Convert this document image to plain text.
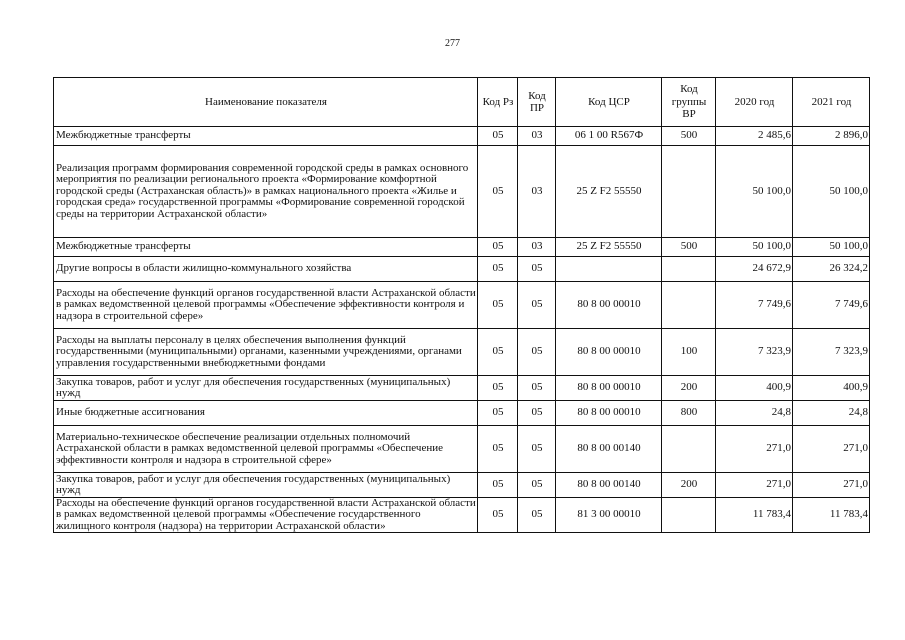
277
Наименование показателя	Код Рз	Код ПР	Код ЦСР	Код группы ВР	2020 год	2021 год
Межбюджетные трансферты	05	03	06 1 00 R567Ф	500	2 485,6	2 896,0
Реализация программ формирования современной городской среды в рамках основного мероприятия по реализации регионального проекта «Формирование комфортной городской среды (Астраханская область)» в рамках национального проекта «Жилье и городская среда» государственной программы «Формирование современной городской среды на территории Астраханской области»	05	03	25 Z F2 55550		50 100,0	50 100,0
Межбюджетные трансферты	05	03	25 Z F2 55550	500	50 100,0	50 100,0
Другие вопросы в области жилищно-коммунального хозяйства	05	05			24 672,9	26 324,2
Расходы на обеспечение функций органов государственной власти Астраханской области в рамках ведомственной целевой программы «Обеспечение эффективности контроля и надзора в строительной сфере»	05	05	80 8 00 00010		7 749,6	7 749,6
Расходы на выплаты персоналу в целях обеспечения выполнения функций государственными (муниципальными) органами, казенными учреждениями, органами управления государственными внебюджетными фондами	05	05	80 8 00 00010	100	7 323,9	7 323,9
Закупка товаров, работ и услуг для обеспечения государственных (муниципальных) нужд	05	05	80 8 00 00010	200	400,9	400,9
Иные бюджетные ассигнования	05	05	80 8 00 00010	800	24,8	24,8
Материально-техническое обеспечение реализации отдельных полномочий Астраханской области в рамках ведомственной целевой программы «Обеспечение эффективности контроля и надзора в строительной сфере»	05	05	80 8 00 00140		271,0	271,0
Закупка товаров, работ и услуг для обеспечения государственных (муниципальных) нужд	05	05	80 8 00 00140	200	271,0	271,0
Расходы на обеспечение функций органов государственной власти Астраханской области в рамках ведомственной целевой программы «Обеспечение государственного жилищного контроля (надзора) на территории Астраханской области»	05	05	81 3 00 00010		11 783,4	11 783,4
